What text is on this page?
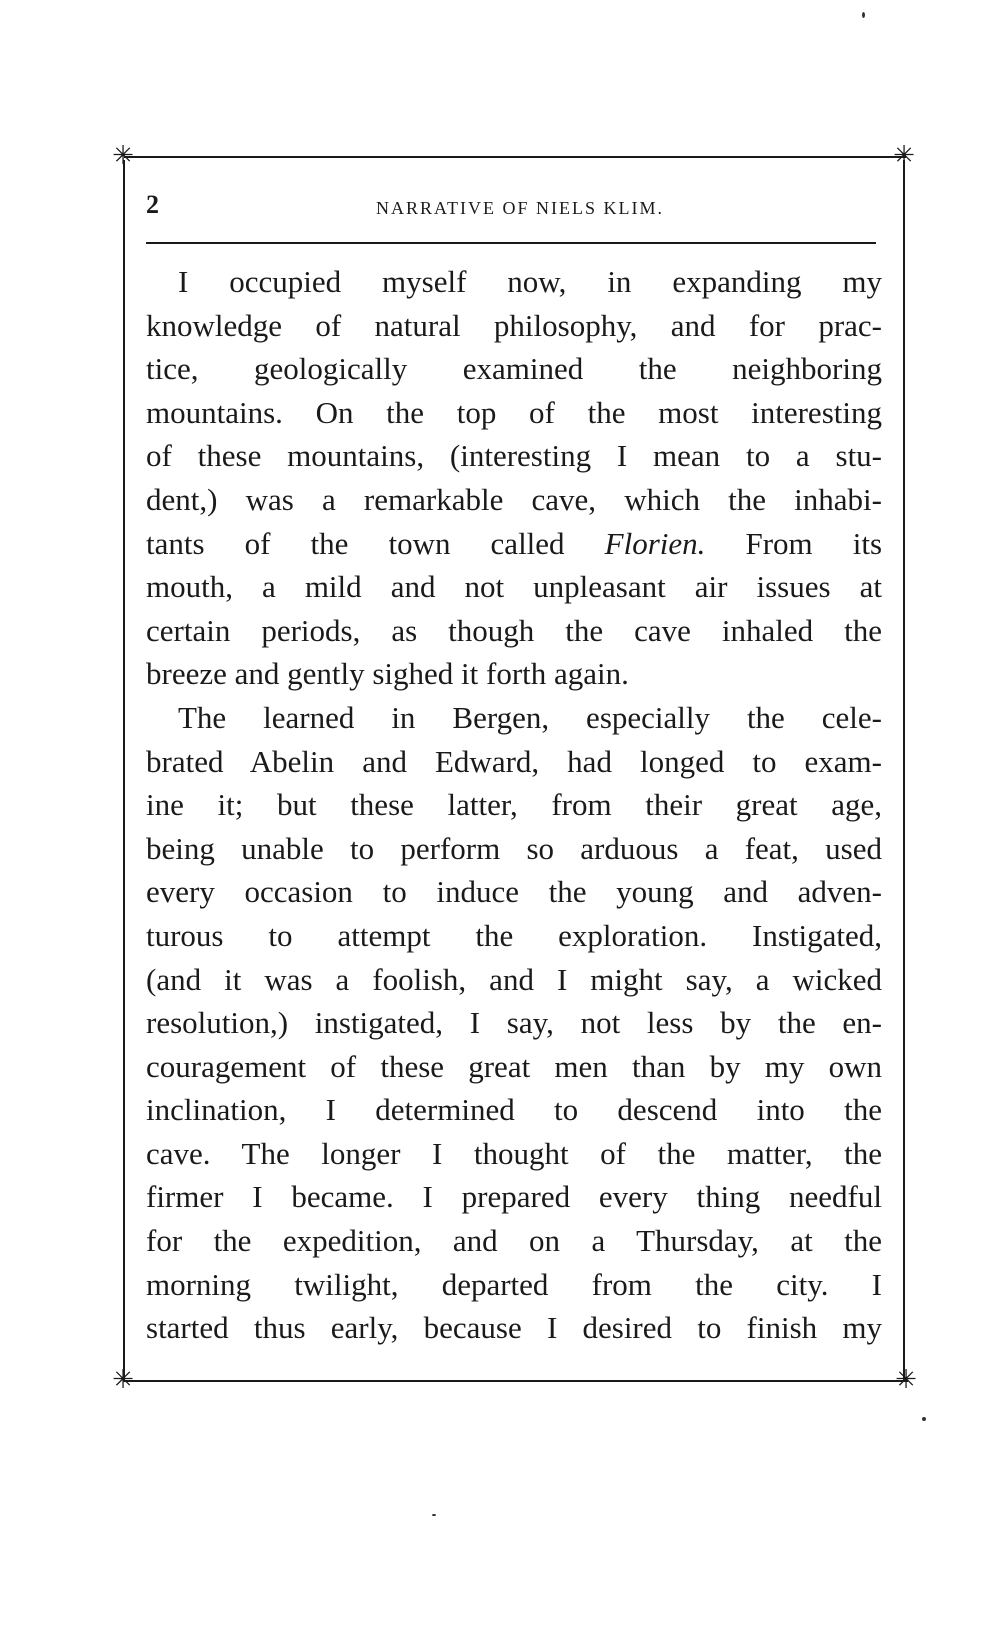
✳	✳
✳	✳
2	NARRATIVE OF NIELS KLIM.
I occupied myself now, in expanding my
knowledge of natural philosophy, and for prac-
tice, geologically examined the neighboring
mountains. On the top of the most interesting
of these mountains, (interesting I mean to a stu-
dent,) was a remarkable cave, which the inhabi-
tants of the town called Florien. From its
mouth, a mild and not unpleasant air issues at
certain periods, as though the cave inhaled the
breeze and gently sighed it forth again.
The learned in Bergen, especially the cele-
brated Abelin and Edward, had longed to exam-
ine it; but these latter, from their great age,
being unable to perform so arduous a feat, used
every occasion to induce the young and adven-
turous to attempt the exploration. Instigated,
(and it was a foolish, and I might say, a wicked
resolution,) instigated, I say, not less by the en-
couragement of these great men than by my own
inclination, I determined to descend into the
cave. The longer I thought of the matter, the
firmer I became. I prepared every thing needful
for the expedition, and on a Thursday, at the
morning twilight, departed from the city. I
started thus early, because I desired to finish my
